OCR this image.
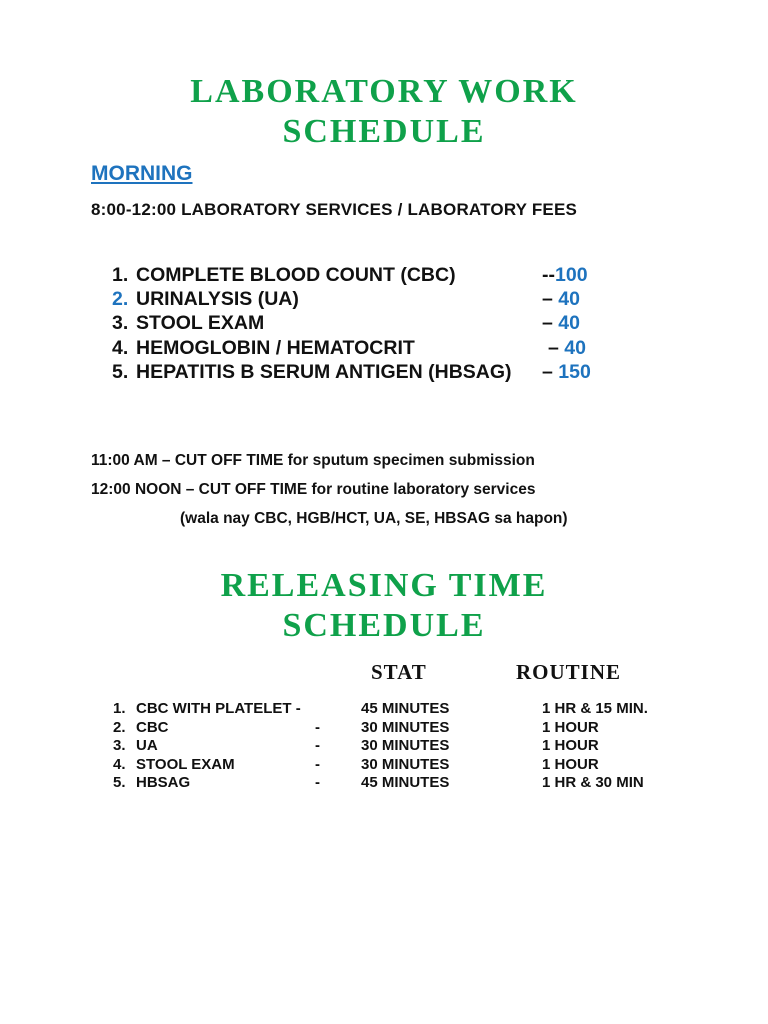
LABORATORY WORK
SCHEDULE
MORNING
8:00-12:00 LABORATORY SERVICES / LABORATORY FEES
1. COMPLETE BLOOD COUNT (CBC)	--100
2. URINALYSIS (UA)	– 40
3. STOOL EXAM	– 40
4. HEMOGLOBIN / HEMATOCRIT	– 40
5. HEPATITIS B SERUM ANTIGEN (HBSAG) – 150
11:00 AM – CUT OFF TIME for sputum specimen submission
12:00 NOON – CUT OFF TIME for routine laboratory services
(wala nay CBC, HGB/HCT, UA, SE, HBSAG sa hapon)
RELEASING TIME
SCHEDULE
STAT	ROUTINE
1. CBC WITH PLATELET -	45 MINUTES	1 HR & 15 MIN.
2. CBC	-	30 MINUTES	1 HOUR
3. UA	-	30 MINUTES	1 HOUR
4. STOOL EXAM	-	30 MINUTES	1 HOUR
5. HBSAG	-	45 MINUTES	1 HR & 30 MIN
